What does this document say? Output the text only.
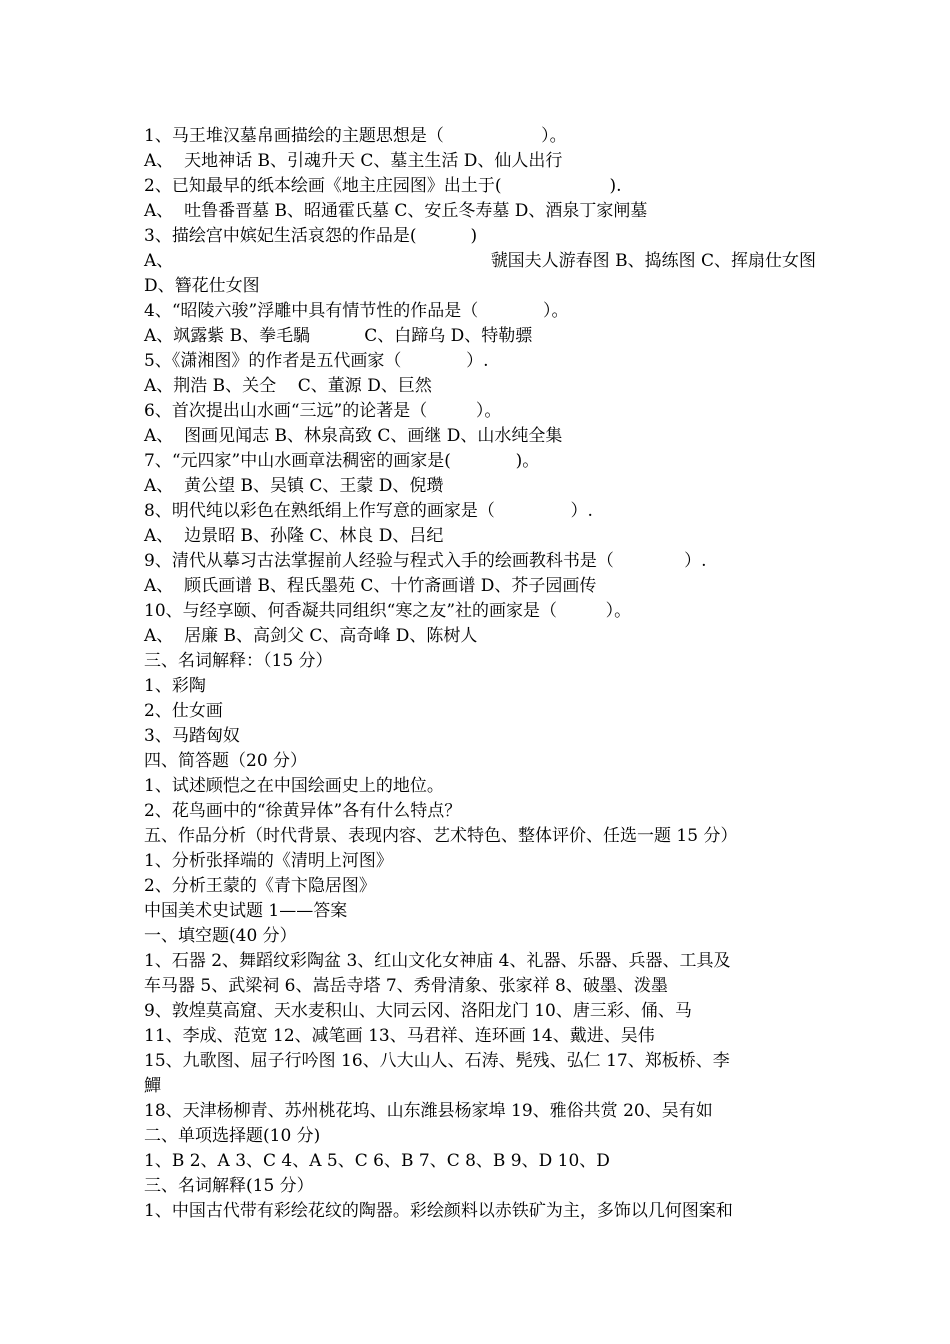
1、马王堆汉墓帛画描绘的主题思想是（                  ）。
A、  天地神话 B、引魂升天 C、墓主生活 D、仙人出行
2、已知最早的纸本绘画《地主庄园图》出土于(                    ).
A、  吐鲁番晋墓 B、昭通霍氏墓 C、安丘冬寿墓 D、酒泉丁家闸墓
3、描绘宫中嫔妃生活哀怨的作品是(          )
A、	虢国夫人游春图 B、捣练图 C、挥扇仕女图
D、簪花仕女图
4、“昭陵六骏”浮雕中具有情节性的作品是（            ）。
A、飒露紫 B、拳毛騧          C、白蹄乌 D、特勒骠
5、《潇湘图》的作者是五代画家（            ）.
A、荆浩 B、关仝    C、董源 D、巨然
6、首次提出山水画“三远”的论著是（         ）。
A、  图画见闻志 B、林泉高致 C、画继 D、山水纯全集
7、“元四家”中山水画章法稠密的画家是(            )。
A、  黄公望 B、吴镇 C、王蒙 D、倪瓒
8、明代纯以彩色在熟纸绢上作写意的画家是（              ）.
A、  边景昭 B、孙隆 C、林良 D、吕纪
9、清代从摹习古法掌握前人经验与程式入手的绘画教科书是（             ）.
A、  顾氏画谱 B、程氏墨苑 C、十竹斋画谱 D、芥子园画传
10、与经享颐、何香凝共同组织“寒之友”社的画家是（         ）。
A、  居廉 B、高剑父 C、高奇峰 D、陈树人
三、名词解释：（15 分）
1、彩陶
2、仕女画
3、马踏匈奴
四、简答题（20 分）
1、试述顾恺之在中国绘画史上的地位。
2、花鸟画中的“徐黄异体”各有什么特点？
五、作品分析（时代背景、表现内容、艺术特色、整体评价、任选一题 15 分）
1、分析张择端的《清明上河图》
2、分析王蒙的《青卞隐居图》
中国美术史试题 1——答案
一、填空题(40 分）
1、石器 2、舞蹈纹彩陶盆 3、红山文化女神庙 4、礼器、乐器、兵器、工具及
车马器 5、武梁祠 6、嵩岳寺塔 7、秀骨清象、张家祥 8、破墨、泼墨
9、敦煌莫高窟、天水麦积山、大同云冈、洛阳龙门 10、唐三彩、俑、马
11、李成、范宽 12、减笔画 13、马君祥、连环画 14、戴进、吴伟
15、九歌图、屈子行吟图 16、八大山人、石涛、髡残、弘仁 17、郑板桥、李
鱓
18、天津杨柳青、苏州桃花坞、山东潍县杨家埠 19、雅俗共赏 20、吴有如
二、单项选择题(10 分)
1、B 2、A 3、C 4、A 5、C 6、B 7、C 8、B 9、D 10、D
三、名词解释(15 分）
1、中国古代带有彩绘花纹的陶器。彩绘颜料以赤铁矿为主，多饰以几何图案和
